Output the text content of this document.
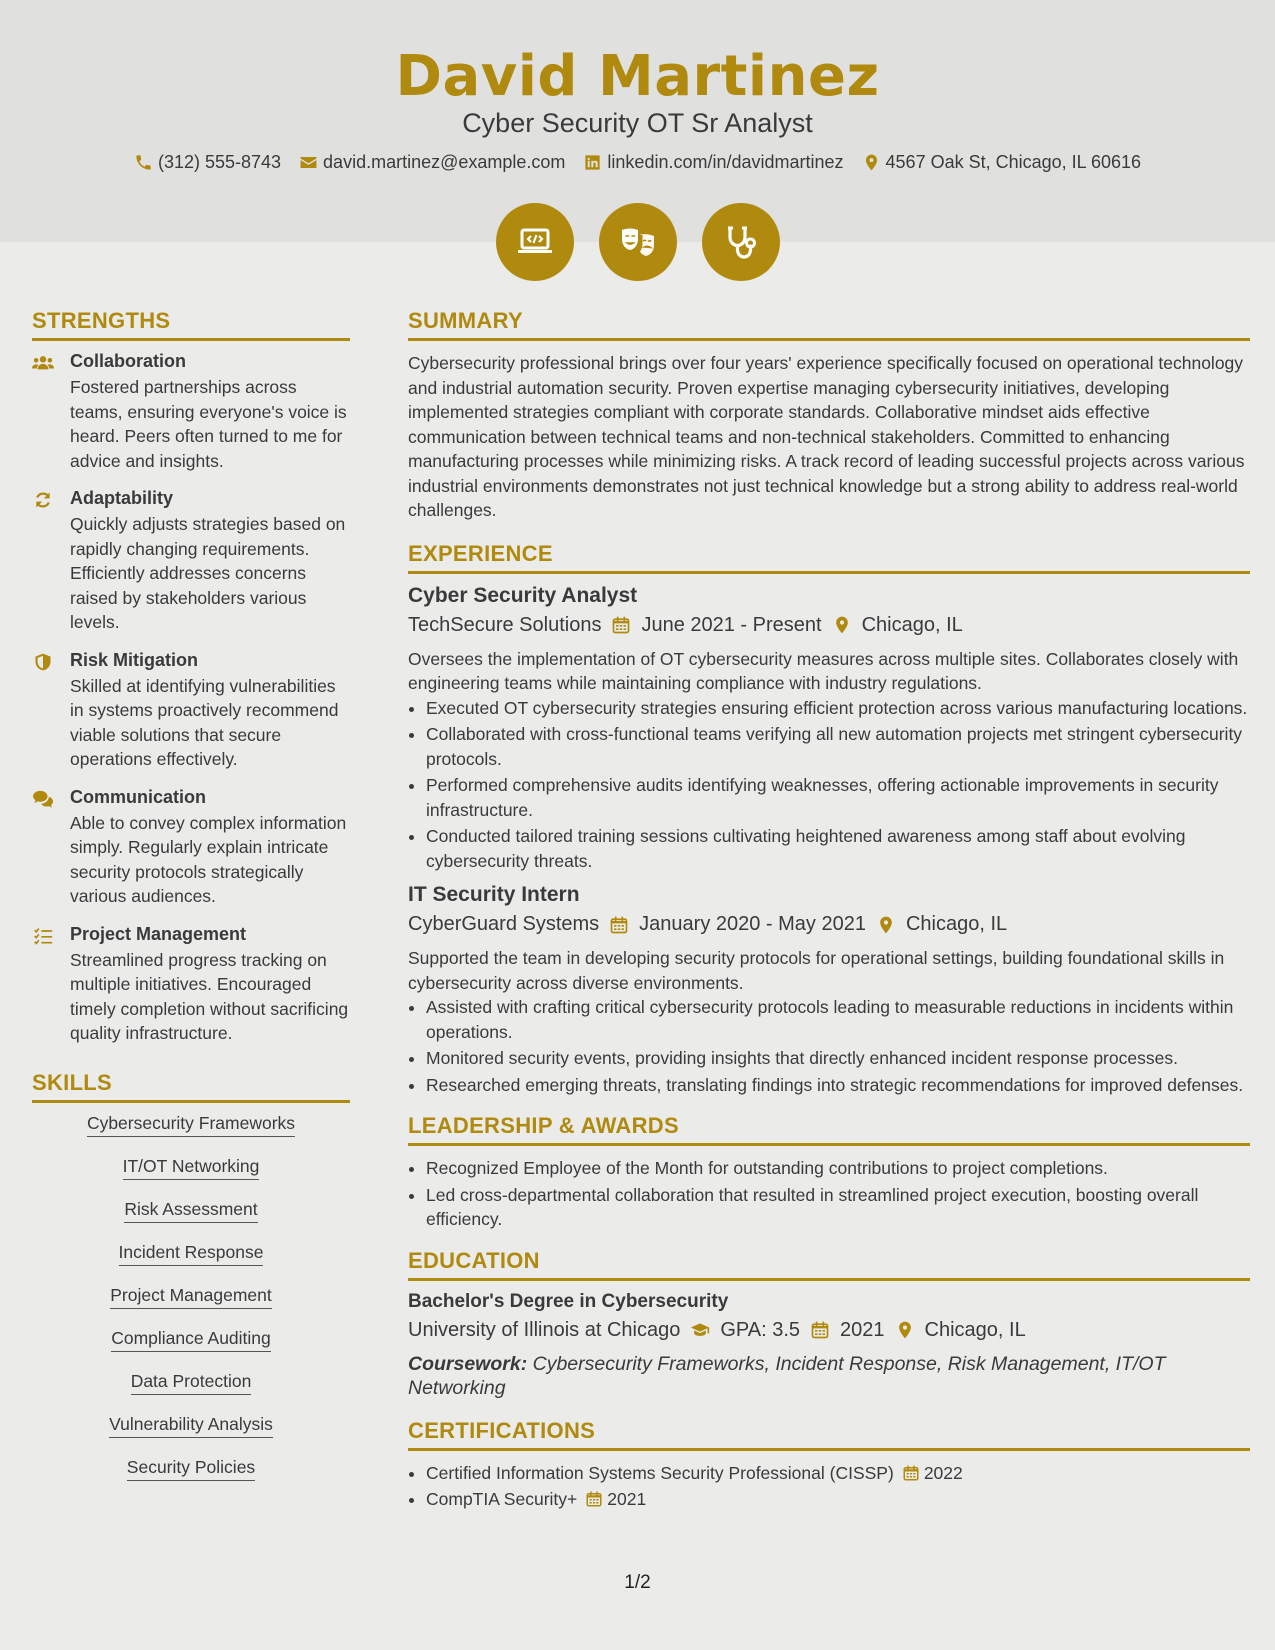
David Martinez
Cyber Security OT Sr Analyst
(312) 555-8743 david.martinez@example.com linkedin.com/in/davidmartinez 4567 Oak St, Chicago, IL 60616
STRENGTHS
Collaboration
Fostered partnerships across teams, ensuring everyone's voice is heard. Peers often turned to me for advice and insights.
Adaptability
Quickly adjusts strategies based on rapidly changing requirements. Efficiently addresses concerns raised by stakeholders various levels.
Risk Mitigation
Skilled at identifying vulnerabilities in systems proactively recommend viable solutions that secure operations effectively.
Communication
Able to convey complex information simply. Regularly explain intricate security protocols strategically various audiences.
Project Management
Streamlined progress tracking on multiple initiatives. Encouraged timely completion without sacrificing quality infrastructure.
SKILLS
Cybersecurity Frameworks
IT/OT Networking
Risk Assessment
Incident Response
Project Management
Compliance Auditing
Data Protection
Vulnerability Analysis
Security Policies
SUMMARY
Cybersecurity professional brings over four years' experience specifically focused on operational technology and industrial automation security. Proven expertise managing cybersecurity initiatives, developing implemented strategies compliant with corporate standards. Collaborative mindset aids effective communication between technical teams and non-technical stakeholders. Committed to enhancing manufacturing processes while minimizing risks. A track record of leading successful projects across various industrial environments demonstrates not just technical knowledge but a strong ability to address real-world challenges.
EXPERIENCE
Cyber Security Analyst
TechSecure Solutions June 2021 - Present Chicago, IL
Oversees the implementation of OT cybersecurity measures across multiple sites. Collaborates closely with engineering teams while maintaining compliance with industry regulations.
• Executed OT cybersecurity strategies ensuring efficient protection across various manufacturing locations.
• Collaborated with cross-functional teams verifying all new automation projects met stringent cybersecurity protocols.
• Performed comprehensive audits identifying weaknesses, offering actionable improvements in security infrastructure.
• Conducted tailored training sessions cultivating heightened awareness among staff about evolving cybersecurity threats.
IT Security Intern
CyberGuard Systems January 2020 - May 2021 Chicago, IL
Supported the team in developing security protocols for operational settings, building foundational skills in cybersecurity across diverse environments.
• Assisted with crafting critical cybersecurity protocols leading to measurable reductions in incidents within operations.
• Monitored security events, providing insights that directly enhanced incident response processes.
• Researched emerging threats, translating findings into strategic recommendations for improved defenses.
LEADERSHIP & AWARDS
• Recognized Employee of the Month for outstanding contributions to project completions.
• Led cross-departmental collaboration that resulted in streamlined project execution, boosting overall efficiency.
EDUCATION
Bachelor's Degree in Cybersecurity
University of Illinois at Chicago GPA: 3.5 2021 Chicago, IL
Coursework: Cybersecurity Frameworks, Incident Response, Risk Management, IT/OT Networking
CERTIFICATIONS
• Certified Information Systems Security Professional (CISSP) 2022
• CompTIA Security+ 2021
1/2
